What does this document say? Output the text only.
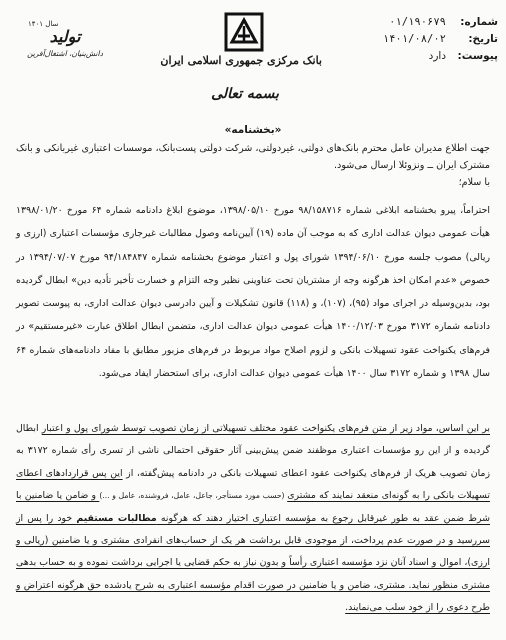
شماره:
۰۱/۱۹۰۶۷۹
تاریخ:
۱۴۰۱/۰۸/۰۲
پیوست:
دارد
بانک مرکزی جمهوری اسلامی ایران
بسمه تعالی
سال ۱۴۰۱
تولید
دانش‌بنیان، اشتغال‌آفرین
«بخشنامه»
جهت اطلاع مدیران عامل محترم بانک‌های دولتی، غیردولتی، شرکت دولتی پست‌بانک، موسسات اعتباری غیربانکی و بانک مشترک ایران ــ ونزوئلا ارسال می‌شود.
با سلام؛
احتراماً، پیرو بخشنامه ابلاغی شماره ۹۸/۱۵۸۷۱۶ مورخ ۱۳۹۸/۰۵/۱۰، موضوع ابلاغ دادنامه شماره ۶۴ مورخ ۱۳۹۸/۰۱/۲۰ هیأت عمومی دیوان عدالت اداری که به موجب آن ماده (۱۹) آیین‌نامه وصول مطالبات غیرجاری مؤسسات اعتباری (ارزی و ریالی) مصوب جلسه مورخ ۱۳۹۴/۰۶/۱۰ شورای پول و اعتبار موضوع بخشنامه شماره ۹۴/۱۸۴۸۴۷ مورخ ۱۳۹۴/۰۷/۰۷ در خصوص «عدم امکان اخذ هرگونه وجه از مشتریان تحت عناوینی نظیر وجه التزام و خسارت تأخیر تأدیه دین» ابطال گردیده بود، بدین‌وسیله در اجرای مواد (۹۵)، (۱۰۷)، و (۱۱۸) قانون تشکیلات و آیین دادرسی دیوان عدالت اداری، به پیوست تصویر دادنامه شماره ۳۱۷۲ مورخ ۱۴۰۰/۱۲/۰۳ هیأت عمومی دیوان عدالت اداری، متضمن ابطال اطلاق عبارت «غیرمستقیم» در فرم‌های یکنواخت عقود تسهیلات بانکی و لزوم اصلاح مواد مربوط در فرم‌های مزبور مطابق با مفاد دادنامه‌های شماره ۶۴ سال ۱۳۹۸ و شماره ۳۱۷۲ سال ۱۴۰۰ هیأت عمومی دیوان عدالت اداری، برای استحضار ایفاد می‌شود.
بر این اساس، مواد زیر از متن فرم‌های یکنواخت عقود مختلف تسهیلاتی از زمان تصویب توسط شورای پول و اعتبار ابطال گردیده و از این رو مؤسسات اعتباری موظفند ضمن پیش‌بینی آثار حقوقی احتمالی ناشی از تسری رأی شماره ۳۱۷۲ به زمان تصویب هریک از فرم‌های یکنواخت عقود اعطای تسهیلات بانکی در دادنامه پیش‌گفته، از این پس قراردادهای اعطای تسهیلات بانکی را به گونه‌ای منعقد نمایند که مشتری (حسب مورد مستأجر، جاعل، عامل، فروشنده، عامل و ...) و ضامن یا ضامنین با شرط ضمن عقد به طور غیرقابل رجوع به مؤسسه اعتباری اختیار دهند که هرگونه مطالبات مستقیم خود را پس از سررسید و در صورت عدم پرداخت، از موجودی قابل برداشت هر یک از حساب‌های انفرادی مشتری و یا ضامنین (ریالی و ارزی)، اموال و اسناد آنان نزد مؤسسه اعتباری رأساً و بدون نیاز به حکم قضایی یا اجرایی برداشت نموده و به حساب بدهی مشتری منظور نماید. مشتری، ضامن و یا ضامنین در صورت اقدام مؤسسه اعتباری به شرح یادشده حق هرگونه اعتراض و طرح دعوی را از خود سلب می‌نمایند.
